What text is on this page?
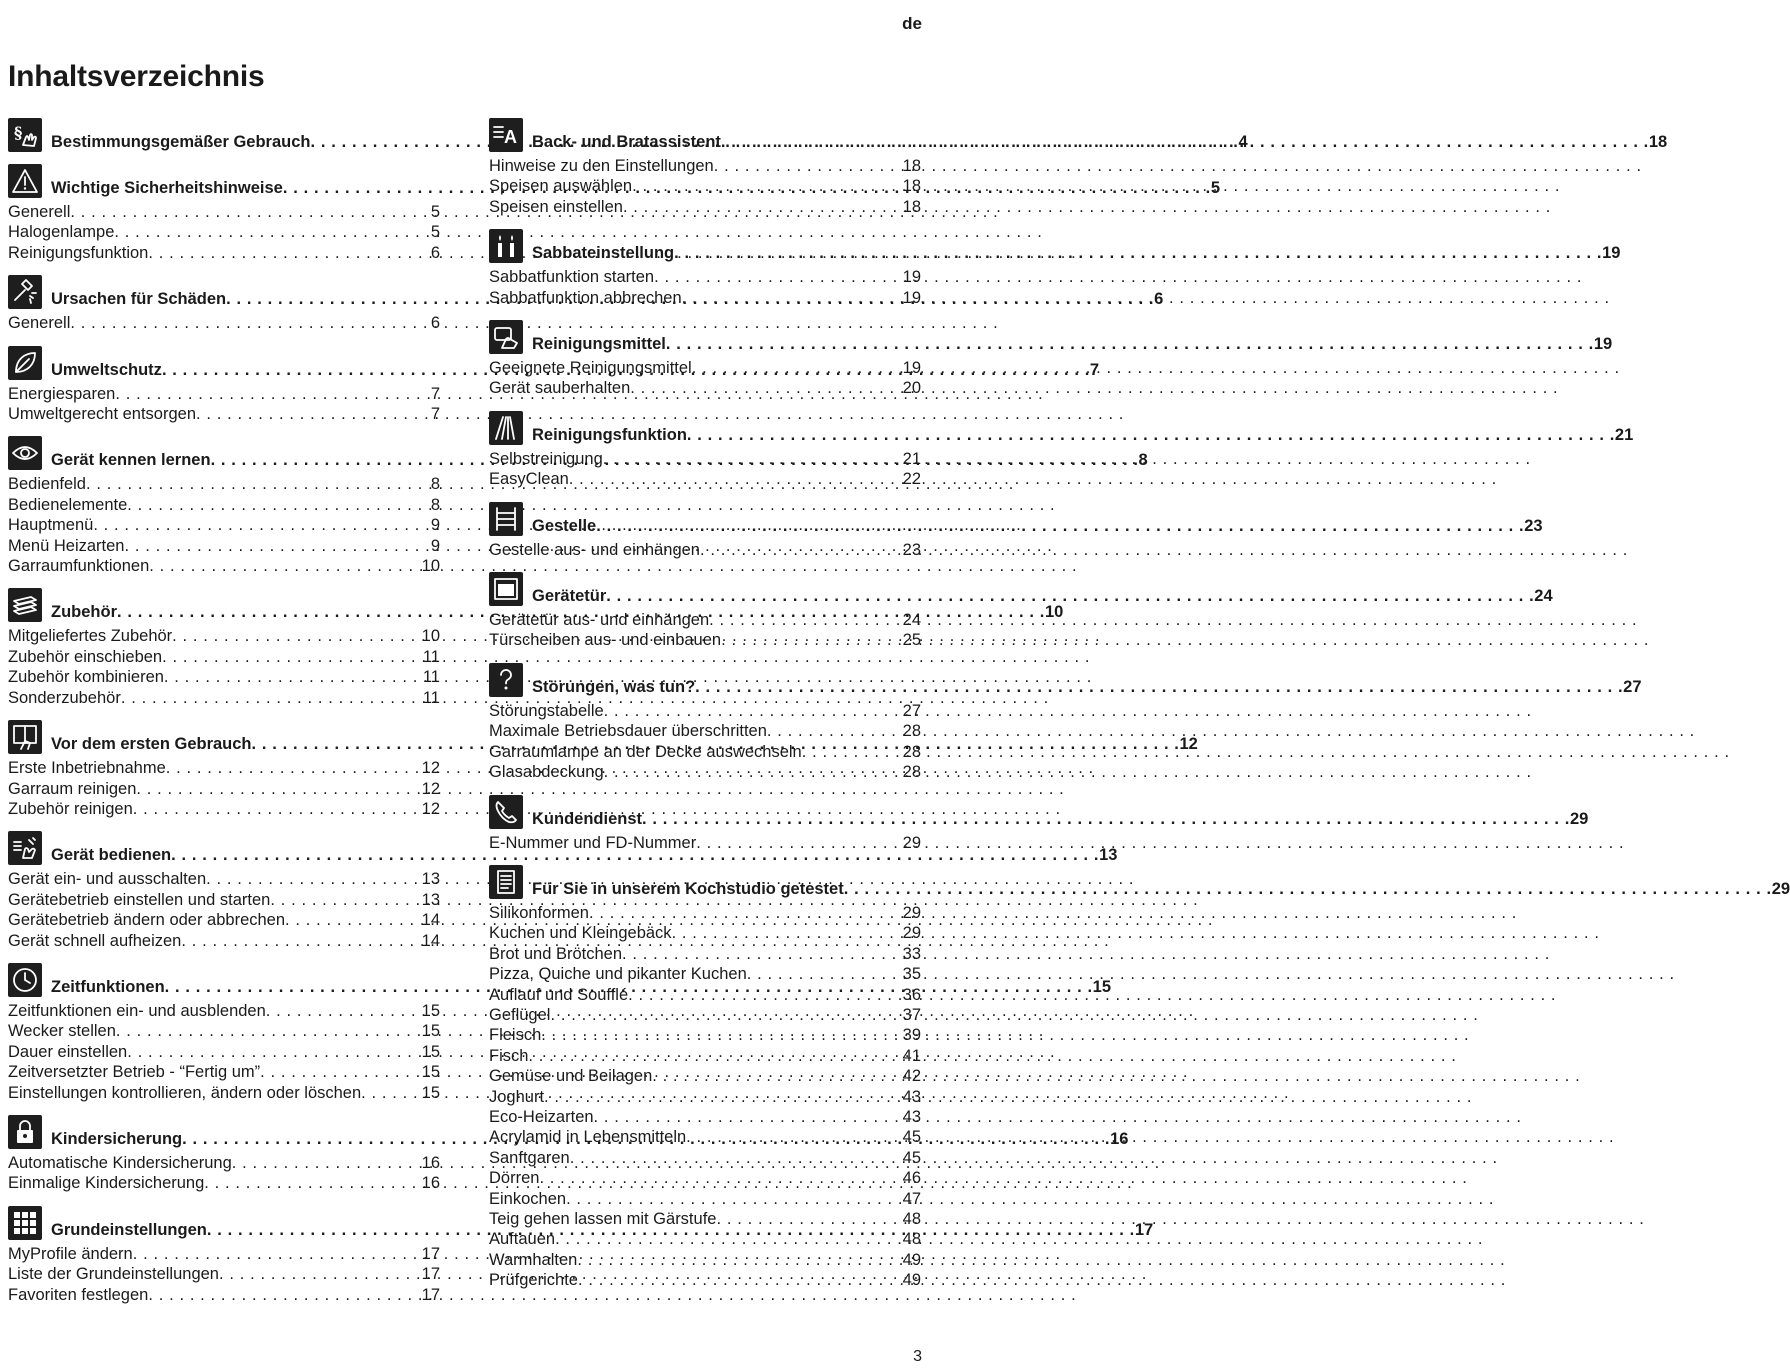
de
Inhaltsverzeichnis
§ Bestimmungsgemäßer Gebrauch . . .	4
Wichtige Sicherheitshinweise . . .	5
Generell . . .	5
Halogenlampe . . .	5
Reinigungsfunktion . . .	6
Ursachen für Schäden . . .	6
Generell . . .	6
Umweltschutz . . .	7
Energiesparen . . .	7
Umweltgerecht entsorgen . . .	7
Gerät kennen lernen . . .	8
Bedienfeld . . .	8
Bedienelemente . . .	8
Hauptmenü . . .	9
Menü Heizarten . . .	9
Garraumfunktionen . . .	10
Zubehör . . .	10
Mitgeliefertes Zubehör . . .	10
Zubehör einschieben . . .	11
Zubehör kombinieren . . .	11
Sonderzubehör . . .	11
Vor dem ersten Gebrauch . . .	12
Erste Inbetriebnahme . . .	12
Garraum reinigen . . .	12
Zubehör reinigen . . .	12
Gerät bedienen . . .	13
Gerät ein- und ausschalten . . .	13
Gerätebetrieb einstellen und starten . . .	13
Gerätebetrieb ändern oder abbrechen . . .	14
Gerät schnell aufheizen . . .	14
Zeitfunktionen . . .	15
Zeitfunktionen ein- und ausblenden . . .	15
Wecker stellen . . .	15
Dauer einstellen . . .	15
Zeitversetzter Betrieb - “Fertig um” . . .	15
Einstellungen kontrollieren, ändern oder löschen . . .	15
Kindersicherung . . .	16
Automatische Kindersicherung . . .	16
Einmalige Kindersicherung . . .	16
Grundeinstellungen . . .	17
MyProfile ändern . . .	17
Liste der Grundeinstellungen . . .	17
Favoriten festlegen . . .	17
A Back- und Bratassistent . . .	18
Hinweise zu den Einstellungen . . .	18
Speisen auswählen . . .	18
Speisen einstellen . . .	18
Sabbateinstellung . . .	19
Sabbatfunktion starten . . .	19
Sabbatfunktion abbrechen . . .	19
Reinigungsmittel . . .	19
Geeignete Reinigungsmittel . . .	19
Gerät sauberhalten . . .	20
Reinigungsfunktion . . .	21
Selbstreinigung . . .	21
EasyClean . . .	22
Gestelle . . .	23
Gestelle aus- und einhängen . . .	23
Gerätetür . . .	24
Gerätetür aus- und einhängen . . .	24
Türscheiben aus- und einbauen . . .	25
Störungen, was tun? . . .	27
Störungstabelle . . .	27
Maximale Betriebsdauer überschritten . . .	28
Garraumlampe an der Decke auswechseln . . .	28
Glasabdeckung . . .	28
Kundendienst . . .	29
E-Nummer und FD-Nummer . . .	29
Für Sie in unserem Kochstudio getestet . . .	29
Silikonformen . . .	29
Kuchen und Kleingebäck . . .	29
Brot und Brötchen . . .	33
Pizza, Quiche und pikanter Kuchen . . .	35
Auflauf und Soufflé . . .	36
Geflügel . . .	37
Fleisch . . .	39
Fisch . . .	41
Gemüse und Beilagen . . .	42
Joghurt . . .	43
Eco-Heizarten . . .	43
Acrylamid in Lebensmitteln . . .	45
Sanftgaren . . .	45
Dörren . . .	46
Einkochen . . .	47
Teig gehen lassen mit Gärstufe . . .	48
Auftauen . . .	48
Warmhalten . . .	49
Prüfgerichte . . .	49
3
